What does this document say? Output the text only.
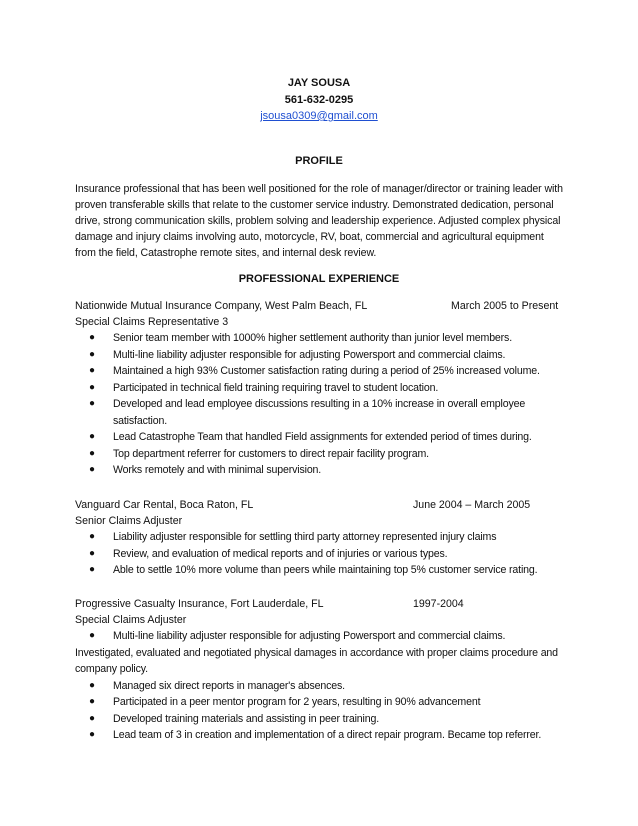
JAY SOUSA
561-632-0295
jsousa0309@gmail.com
PROFILE
Insurance professional that has been well positioned for the role of manager/director or training leader with proven transferable skills that relate to the customer service industry. Demonstrated dedication, personal drive, strong communication skills, problem solving and leadership experience. Adjusted complex physical damage and injury claims involving auto, motorcycle, RV, boat, commercial and agricultural equipment from the field, Catastrophe remote sites, and internal desk review.
PROFESSIONAL EXPERIENCE
Nationwide Mutual Insurance Company, West Palm Beach, FL	March 2005 to Present
Special Claims Representative 3
● Senior team member with 1000% higher settlement authority than junior level members.
● Multi-line liability adjuster responsible for adjusting Powersport and commercial claims.
● Maintained a high 93% Customer satisfaction rating during a period of 25% increased volume.
● Participated in technical field training requiring travel to student location.
● Developed and lead employee discussions resulting in a 10% increase in overall employee satisfaction.
● Lead Catastrophe Team that handled Field assignments for extended period of times during.
● Top department referrer for customers to direct repair facility program.
● Works remotely and with minimal supervision.
Vanguard Car Rental, Boca Raton, FL	June 2004 – March 2005
Senior Claims Adjuster
● Liability adjuster responsible for settling third party attorney represented injury claims
● Review, and evaluation of medical reports and of injuries or various types.
● Able to settle 10% more volume than peers while maintaining top 5% customer service rating.
Progressive Casualty Insurance, Fort Lauderdale, FL	1997-2004
Special Claims Adjuster
● Multi-line liability adjuster responsible for adjusting Powersport and commercial claims.
Investigated, evaluated and negotiated physical damages in accordance with proper claims procedure and company policy.
● Managed six direct reports in manager's absences.
● Participated in a peer mentor program for 2 years, resulting in 90% advancement
● Developed training materials and assisting in peer training.
● Lead team of 3 in creation and implementation of a direct repair program. Became top referrer.
